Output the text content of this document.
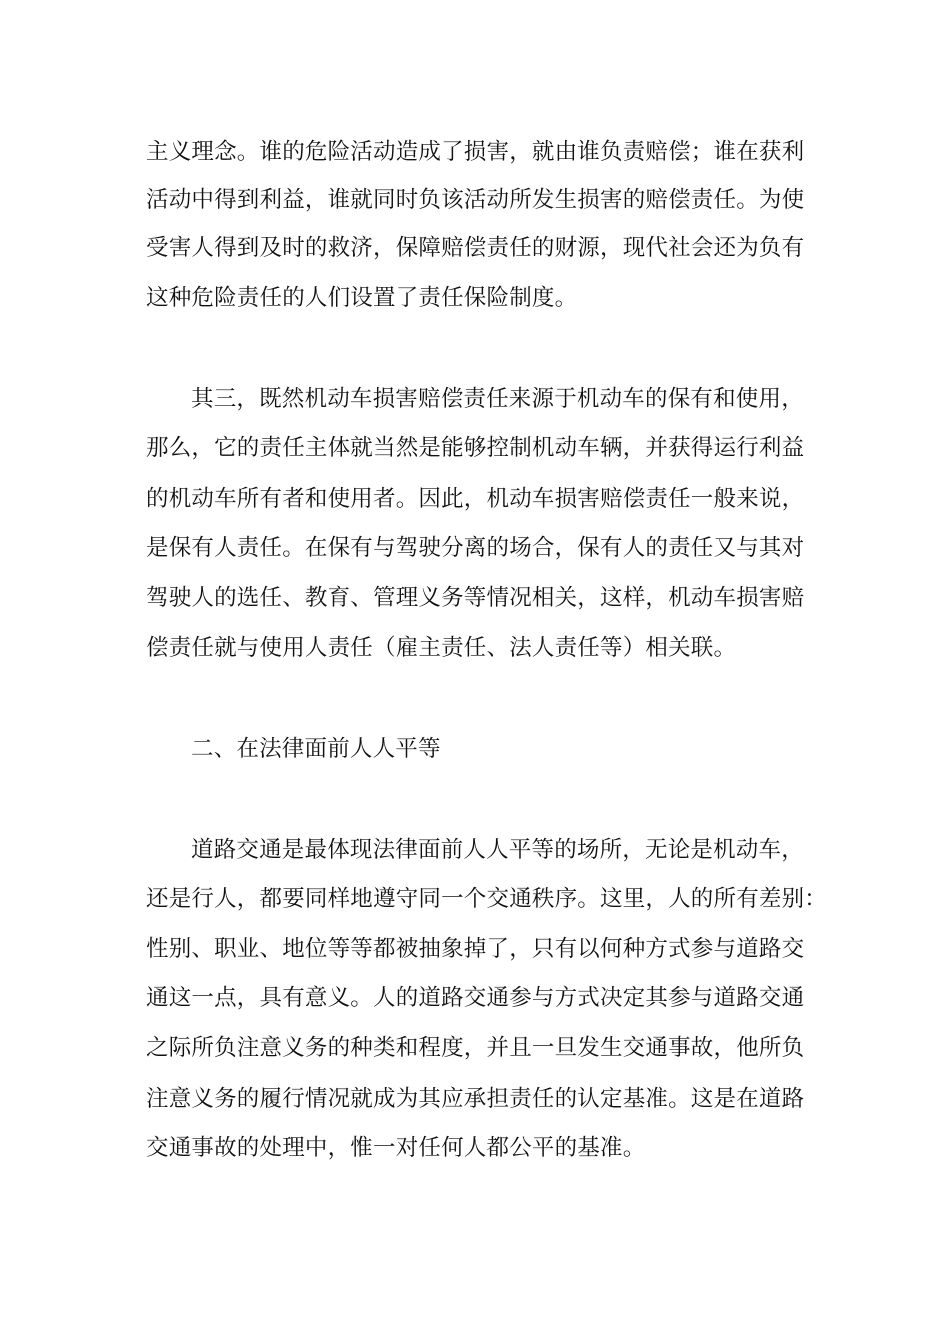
主义理念。谁的危险活动造成了损害，就由谁负责赔偿；谁在获利
活动中得到利益，谁就同时负该活动所发生损害的赔偿责任。为使
受害人得到及时的救济，保障赔偿责任的财源，现代社会还为负有
这种危险责任的人们设置了责任保险制度。
其三，既然机动车损害赔偿责任来源于机动车的保有和使用，
那么，它的责任主体就当然是能够控制机动车辆，并获得运行利益
的机动车所有者和使用者。因此，机动车损害赔偿责任一般来说，
是保有人责任。在保有与驾驶分离的场合，保有人的责任又与其对
驾驶人的选任、教育、管理义务等情况相关，这样，机动车损害赔
偿责任就与使用人责任（雇主责任、法人责任等）相关联。
二、在法律面前人人平等
道路交通是最体现法律面前人人平等的场所，无论是机动车，
还是行人，都要同样地遵守同一个交通秩序。这里，人的所有差别：
性别、职业、地位等等都被抽象掉了，只有以何种方式参与道路交
通这一点，具有意义。人的道路交通参与方式决定其参与道路交通
之际所负注意义务的种类和程度，并且一旦发生交通事故，他所负
注意义务的履行情况就成为其应承担责任的认定基准。这是在道路
交通事故的处理中，惟一对任何人都公平的基准。
